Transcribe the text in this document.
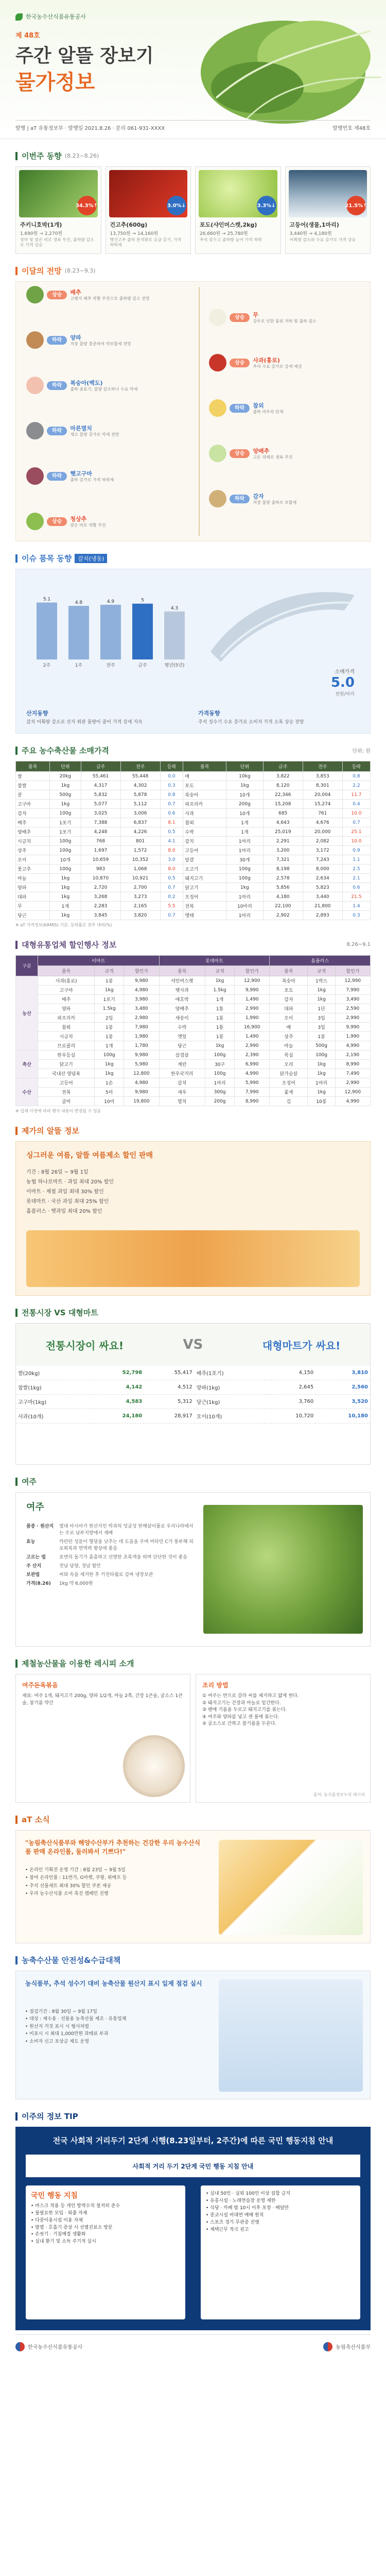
한국농수산식품유통공사
제 48호
주간 알뜰 장보기
물가정보
발행 | aT 유통정보부 · 발행일 2021.8.26 · 문의 061-931-XXXX	발행번호 제48호
이번주 동향 (8.23~8.26)
34.3%↑
주키니호박(1개)
1,690원 → 2,270원
장마 및 잦은 비로 생육 부진, 출하량 감소로 가격 상승
3.0%↓
건고추(600g)
13,750원 → 14,160원
햇건고추 출하 본격화로 공급 증가, 가격 하락세
3.3%↓
포도(샤인머스켓,2kg)
26,660원 → 25,780원
추석 앞두고 출하량 늘어 가격 하락
21.5%↑
고등어(생물,1마리)
3,440원 → 4,180원
어획량 감소와 수요 증가로 가격 상승
이달의 전망 (8.23~9.3)
상승 배추
고랭지 배추 작황 부진으로 출하량 감소 전망
상승 무
강우로 인한 품위 저하 및 출하 감소
하락 양파
저장 물량 충분하여 약보합세 전망
상승 사과(홍로)
추석 수요 증가로 강세 예상
하락 복숭아(백도)
출하 종료기, 물량 감소하나 수요 약세
하락 참외
출하 마무리 단계
하락 마른멸치
재고 물량 증가로 약세 전망
상승 양배추
고온 피해로 생육 부진
하락 햇고구마
출하 증가로 가격 하락세
하락 감자
저장 물량 출하로 보합세
상승 청상추
잦은 비로 작황 부진
이슈 품목 동향	갈치(냉동)
5.1
2주
4.8
1주
4.9
전주
5
금주
4.3
평년(5년)
소매가격
5.0
천원/마리
산지동향
갈치 어획량 감소로 산지 위판 물량이 줄어 가격 강세 지속
가격동향
추석 성수기 수요 증가로 소비자 가격 소폭 상승 전망
주요 농수축산물 소매가격	단위: 원
품목	단위	금주	전주	등락	품목	단위	금주	전주	등락
쌀	20kg	55,461	55,448	0.0	배	10kg	3,822	3,853	0.8
찹쌀	1kg	4,317	4,302	0.3	포도	1kg	8,120	8,301	2.2
콩	500g	5,832	5,878	0.8	복숭아	10개	22,346	20,004	11.7
고구마	1kg	5,077	5,112	0.7	파프리카	200g	15,208	15,274	0.4
감자	100g	3,025	3,006	0.6	사과	10개	685	761	10.0
배추	1포기	7,388	6,837	8.1	참외	1개	4,643	4,676	0.7
양배추	1포기	4,248	4,226	0.5	수박	1개	25,019	20,000	25.1
시금치	100g	768	801	4.1	갈치	1마리	2,291	2,082	10.0
상추	100g	1,697	1,572	8.0	고등어	1마리	3,200	3,172	0.9
오이	10개	10,659	10,352	3.0	달걀	30개	7,321	7,243	1.1
풋고추	100g	983	1,068	8.0	소고기	100g	8,198	8,000	2.5
마늘	1kg	10,870	10,921	0.5	돼지고기	100g	2,578	2,634	2.1
양파	1kg	2,720	2,700	0.7	닭고기	1kg	5,856	5,823	0.6
대파	1kg	3,268	3,273	0.2	오징어	1마리	4,180	3,440	21.5
무	1개	2,283	2,165	5.5	전복	10마리	22,100	21,800	1.4
당근	1kg	3,845	3,820	0.7	명태	1마리	2,902	2,893	0.3
※ aT 가격정보(KAMIS) 기준, 등락률은 전주 대비(%)
대형유통업체 할인행사 정보	8.26~9.1
구분	이마트			롯데마트			홈플러스		
	품목	규격	할인가	품목	규격	할인가	품목	규격	할인가
농산	사과(홍로)	1봉	9,980	샤인머스켓	1kg	12,900	복숭아	1박스	12,990
	고구마	1kg	4,980	햇사과	1.5kg	9,990	포도	1kg	7,990
	배추	1포기	3,980	애호박	1개	1,490	감자	1kg	3,490
	양파	1.5kg	3,480	양배추	1통	2,990	대파	1단	2,590
	파프리카	2입	2,980	새송이	1봉	1,990	오이	3입	2,990
	참외	1봉	7,980	수박	1통	16,900	배	3입	9,990
	시금치	1봉	1,980	깻잎	1봉	1,490	상추	1봉	1,990
	브로콜리	1개	1,780	당근	1kg	2,990	마늘	500g	4,990
축산	한우등심	100g	9,980	삼겹살	100g	2,390	목심	100g	2,190
	닭고기	1kg	5,980	계란	30구	6,990	오리	1kg	8,990
	국내산 양념육	1kg	12,800	한우국거리	100g	4,990	닭가슴살	1kg	7,490
수산	고등어	1손	4,980	갈치	1마리	5,990	오징어	1마리	2,990
	전복	5미	9,980	새우	300g	7,990	꽃게	1kg	12,900
	굴비	10미	19,800	멸치	200g	8,990	김	10봉	4,990
※ 업체 사정에 따라 행사 내용이 변경될 수 있음
제가의 알뜰 정보
싱그러운 여름, 알뜰 여름제소 할인 판매
기간 : 8월 26일 ~ 9월 1일
농협 하나로마트 · 과일 최대 20% 할인
이마트 · 제철 과일 최대 30% 할인
롯데마트 · 국산 과일 최대 25% 할인
홈플러스 · 햇과일 최대 20% 할인
전통시장 VS 대형마트
전통시장이 싸요!	VS	대형마트가 싸요!
쌀(20kg)	52,798	55,417	배추(1포기)	4,150	3,810
찹쌀(1kg)	4,142	4,512	양파(1kg)	2,645	2,560
고구마(1kg)	4,583	5,312	당근(1kg)	3,760	3,520
사과(10개)	24,180	28,917	오이(10개)	10,720	10,180
여주
여주
품종 · 원산지	열대 아시아가 원산지인 박과의 덩굴성 한해살이풀로 우리나라에서는 주로 남부지방에서 재배
효능	카란틴 성분이 혈당을 낮추는 데 도움을 주며 비타민 C가 풍부해 피로회복과 면역력 향상에 좋음
고르는 법	표면의 돌기가 촘촘하고 선명한 초록색을 띠며 단단한 것이 좋음
주 산지	전남 담양, 경남 함안
보관법	씨와 속을 제거한 후 키친타월로 감싸 냉장보관
가격(8.26)	1kg 약 6,000원
제철농산물을 이용한 레시피 소개
여주돈육볶음
재료: 여주 1개, 돼지고기 200g, 양파 1/2개, 마늘 2쪽, 간장 1큰술, 굴소스 1큰술, 참기름 약간
조리 방법
① 여주는 반으로 갈라 씨를 제거하고 얇게 썬다.
② 돼지고기는 간장과 마늘로 밑간한다.
③ 팬에 기름을 두르고 돼지고기를 볶는다.
④ 여주와 양파를 넣고 센 불에 볶는다.
⑤ 굴소스로 간하고 참기름을 두른다.
출처: 농식품정보누리 레시피
aT 소식
"농림축산식품부와 해양수산부가 추천하는 건강한 우리 농수산식품 판매 온라인몰, 둘러봐서 기쁘다!"
• 온라인 기획전 운영 기간 : 8월 23일 ~ 9월 5일
• 참여 온라인몰 : 11번가, G마켓, 쿠팡, 위메프 등
• 추석 선물세트 최대 30% 할인 쿠폰 제공
• 우리 농수산식품 소비 촉진 캠페인 진행
농축수산물 안전성&수급대책
농식품부, 추석 성수기 대비 농축산물 원산지 표시 일제 점검 실시
• 점검기간 : 8월 30일 ~ 9월 17일
• 대상 : 제수용 · 선물용 농축산물 제조 · 유통업체
• 원산지 거짓 표시 시 형사처벌
• 미표시 시 최대 1,000만원 과태료 부과
• 소비자 신고 포상금 제도 운영
이주의 정보 TIP
전국 사회적 거리두기 2단계 시행(8.23일부터, 2주간)에 따른 국민 행동지침 안내
사회적 거리 두기 2단계 국민 행동 지침 안내
국민 행동 지침
• 마스크 착용 등 개인 방역수칙 철저히 준수
• 불필요한 모임 · 외출 자제
• 다중이용시설 이용 자제
• 발열 · 호흡기 증상 시 선별진료소 방문
• 손씻기 · 기침예절 생활화
• 실내 환기 및 소독 주기적 실시
• 실내 50인 · 실외 100인 이상 집합 금지
• 유흥시설 · 노래연습장 운영 제한
• 식당 · 카페 밤 10시 이후 포장 · 배달만
• 종교시설 비대면 예배 원칙
• 스포츠 경기 무관중 진행
• 재택근무 적극 권고
한국농수산식품유통공사	농림축산식품부
